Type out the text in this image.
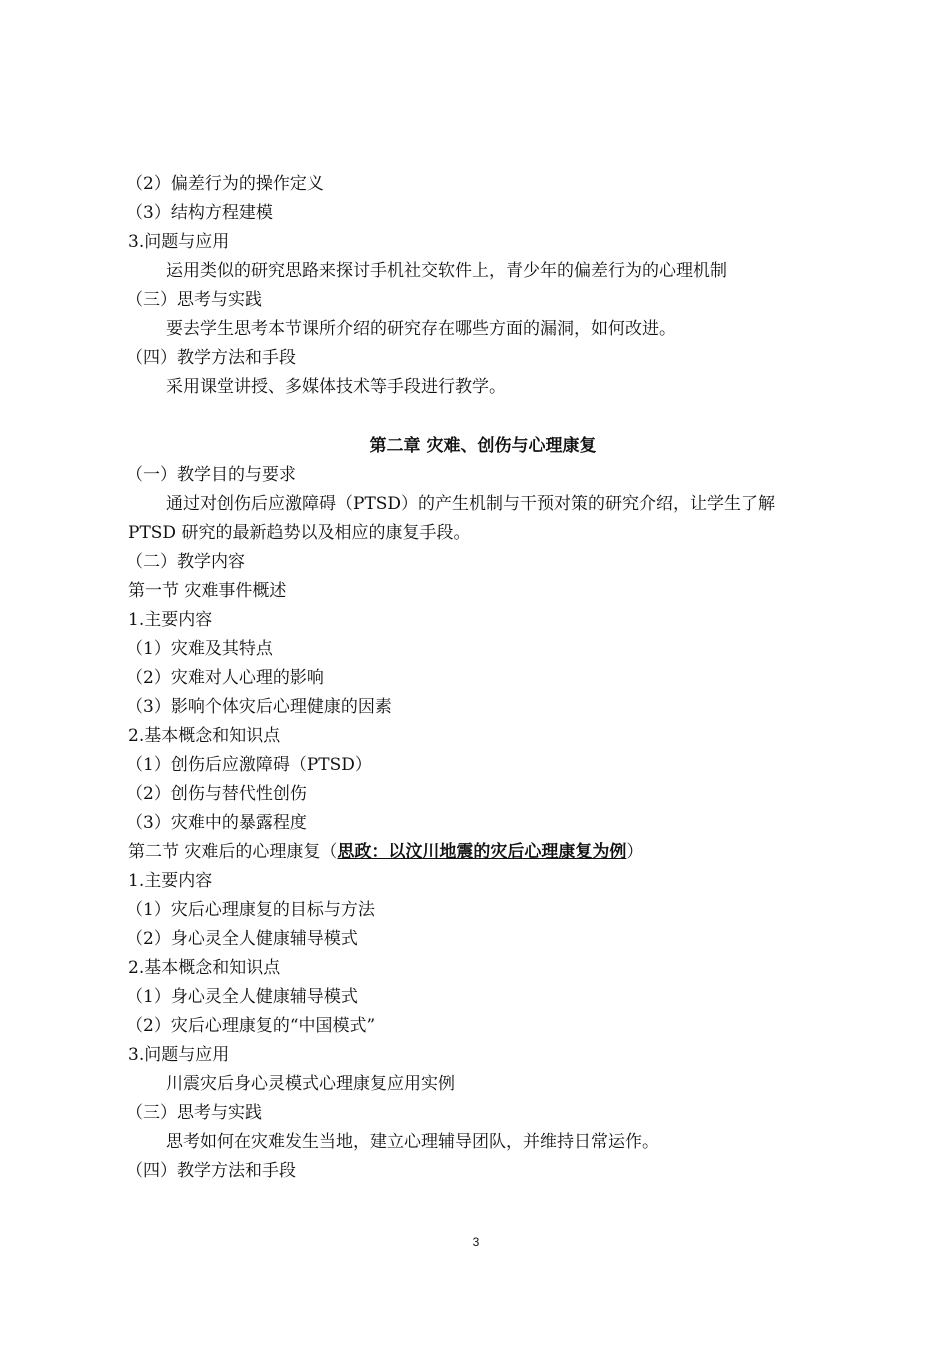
（2）偏差行为的操作定义
（3）结构方程建模
3.问题与应用
运用类似的研究思路来探讨手机社交软件上，青少年的偏差行为的心理机制
（三）思考与实践
要去学生思考本节课所介绍的研究存在哪些方面的漏洞，如何改进。
（四）教学方法和手段
采用课堂讲授、多媒体技术等手段进行教学。
第二章 灾难、创伤与心理康复
（一）教学目的与要求
通过对创伤后应激障碍（PTSD）的产生机制与干预对策的研究介绍，让学生了解
PTSD 研究的最新趋势以及相应的康复手段。
（二）教学内容
第一节 灾难事件概述
1.主要内容
（1）灾难及其特点
（2）灾难对人心理的影响
（3）影响个体灾后心理健康的因素
2.基本概念和知识点
（1）创伤后应激障碍（PTSD）
（2）创伤与替代性创伤
（3）灾难中的暴露程度
第二节 灾难后的心理康复（思政：以汶川地震的灾后心理康复为例）
1.主要内容
（1）灾后心理康复的目标与方法
（2）身心灵全人健康辅导模式
2.基本概念和知识点
（1）身心灵全人健康辅导模式
（2）灾后心理康复的“中国模式”
3.问题与应用
川震灾后身心灵模式心理康复应用实例
（三）思考与实践
思考如何在灾难发生当地，建立心理辅导团队，并维持日常运作。
（四）教学方法和手段
3
